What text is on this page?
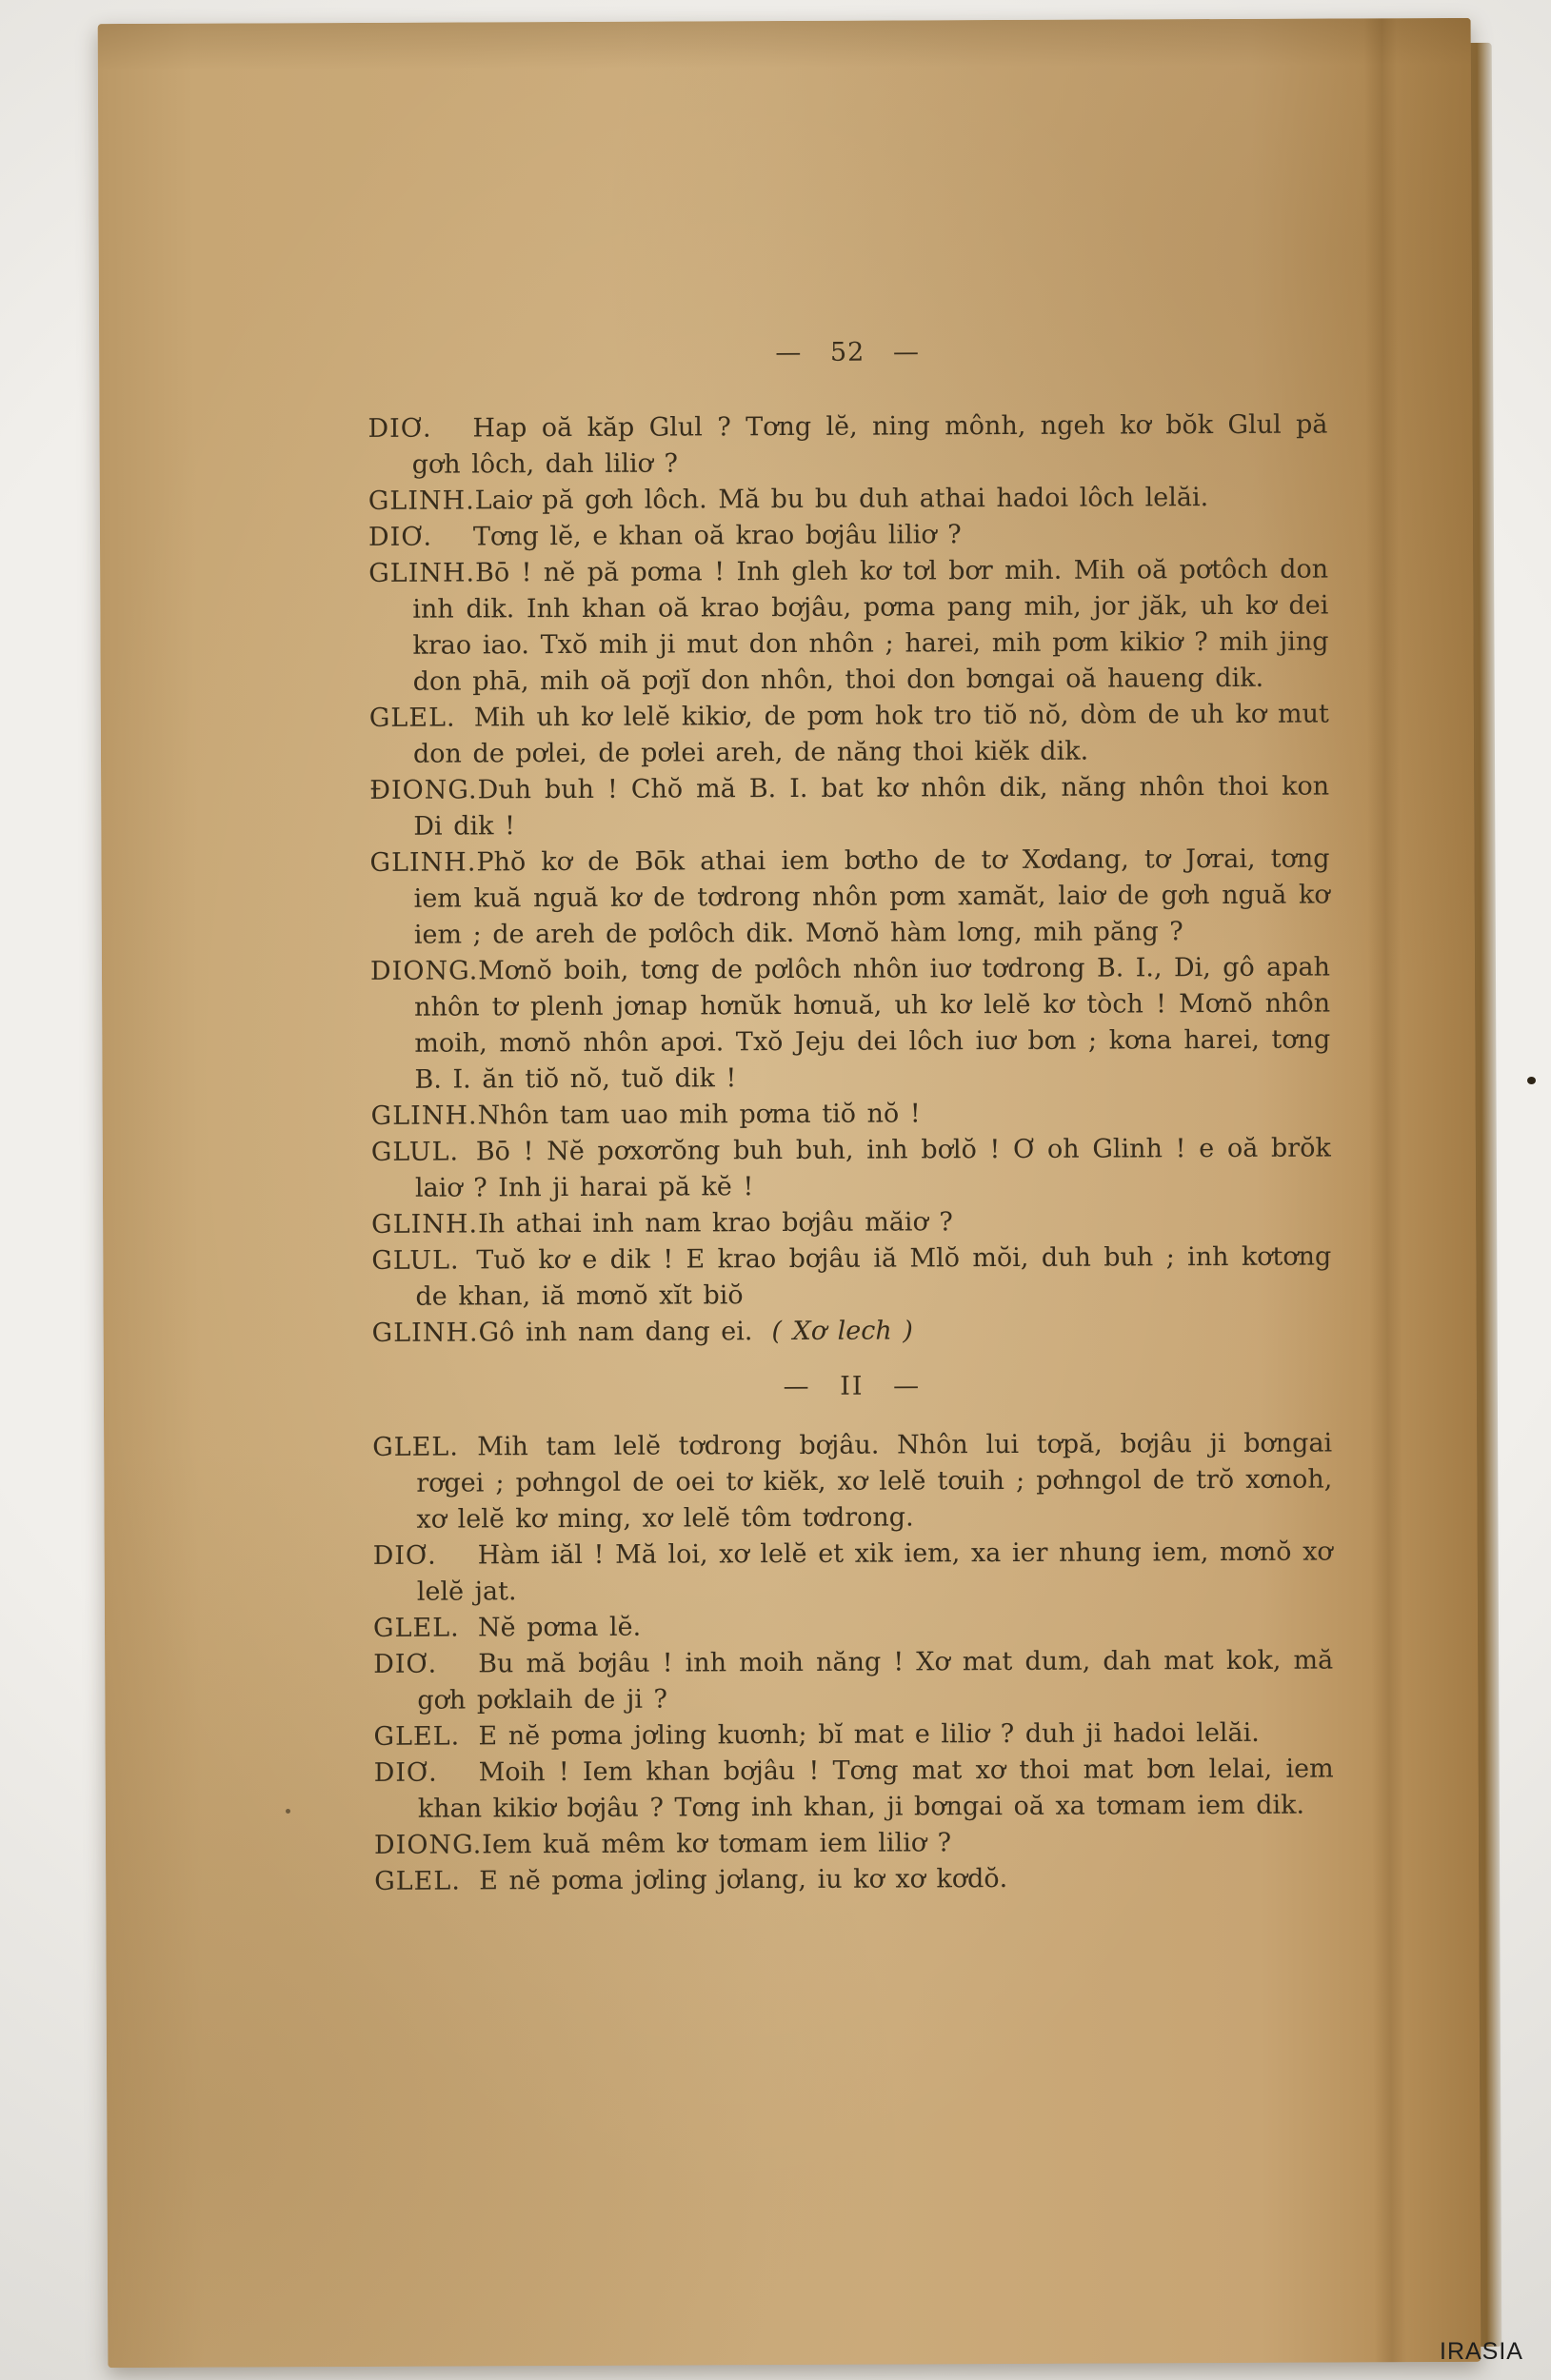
— 52 —

DIƠ. Hap oă kăp Glul ? Tơng lĕ, ning mônh, ngeh kơ bŏk Glul pă gơh lôch, dah liliơ ?

GLINH.Laiơ pă gơh lôch. Mă bu bu duh athai hadoi lôch lelăi.

DIƠ. Tơng lĕ, e khan oă krao bơjâu liliơ ?

GLINH.Bō ! nĕ pă pơma ! Inh gleh kơ tơl bơr mih. Mih oă pơtôch don inh dik. Inh khan oă krao bơjâu, pơma pang mih, jor jăk, uh kơ dei krao iao. Txŏ mih ji mut don nhôn ; harei, mih pơm kikiơ ? mih jing don phā, mih oă pơjĭ don nhôn, thoi don bơngai oă haueng dik.

GLEL. Mih uh kơ lelĕ kikiơ, de pơm hok tro tiŏ nŏ, dòm de uh kơ mut don de pơlei, de pơlei areh, de năng thoi kiĕk dik.

ĐIONG.Duh buh ! Chŏ mă B. I. bat kơ nhôn dik, năng nhôn thoi kon Di dik !

GLINH.Phŏ kơ de Bōk athai iem bơtho de tơ Xơdang, tơ Jơrai, tơng iem kuă nguă kơ de tơdrong nhôn pơm xamăt, laiơ de gơh nguă kơ iem ; de areh de pơlôch dik. Mơnŏ hàm lơng, mih păng ?

DIONG.Mơnŏ boih, tơng de pơlôch nhôn iuơ tơdrong B. I., Di, gô apah nhôn tơ plenh jơnap hơnŭk hơnuă, uh kơ lelĕ kơ tòch ! Mơnŏ nhôn moih, mơnŏ nhôn apơi. Txŏ Jeju dei lôch iuơ bơn ; kơna harei, tơng B. I. ăn tiŏ nŏ, tuŏ dik !

GLINH.Nhôn tam uao mih pơma tiŏ nŏ !

GLUL. Bō ! Nĕ pơxơrŏng buh buh, inh bơlŏ ! Ơ oh Glinh ! e oă brŏk laiơ ? Inh ji harai pă kĕ !

GLINH.Ih athai inh nam krao bơjâu măiơ ?

GLUL. Tuŏ kơ e dik ! E krao bơjâu iă Mlŏ mŏi, duh buh ; inh kơtơng de khan, iă mơnŏ xĭt biŏ

GLINH.Gô inh nam dang ei. ( Xơ lech )

— II —

GLEL. Mih tam lelĕ tơdrong bơjâu. Nhôn lui tơpă, bơjâu ji bơngai rơgei ; pơhngol de oei tơ kiĕk, xơ lelĕ tơuih ; pơhngol de trŏ xơnoh, xơ lelĕ kơ ming, xơ lelĕ tôm tơdrong.

DIƠ. Hàm iăl ! Mă loi, xơ lelĕ et xik iem, xa ier nhung iem, mơnŏ xơ lelĕ jat.

GLEL. Nĕ pơma lĕ.

DIƠ. Bu mă bơjâu ! inh moih năng ! Xơ mat dum, dah mat kok, mă gơh pơklaih de ji ?

GLEL. E nĕ pơma jơling kuơnh; bĭ mat e liliơ ? duh ji hadoi lelăi.

DIƠ. Moih ! Iem khan bơjâu ! Tơng mat xơ thoi mat bơn lelai, iem khan kikiơ bơjâu ? Tơng inh khan, ji bơngai oă xa tơmam iem dik.

DIONG.Iem kuă mêm kơ tơmam iem liliơ ?

GLEL. E nĕ pơma jơling jơlang, iu kơ xơ kơdŏ.

IRASIA
